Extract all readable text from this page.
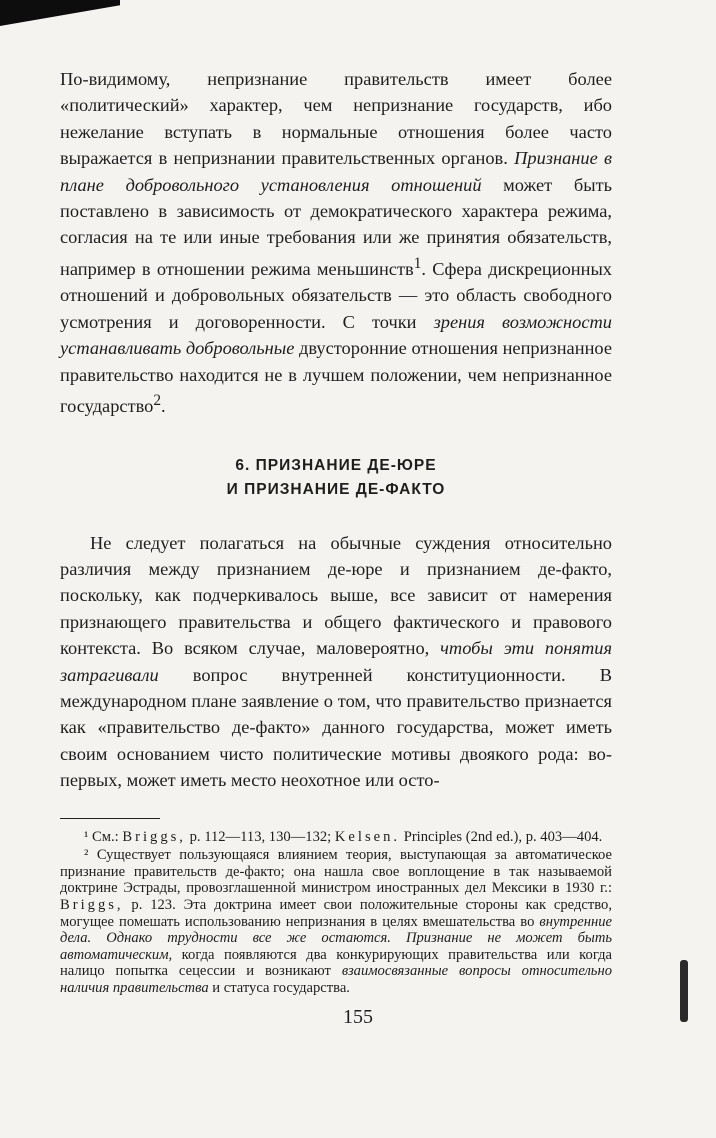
По-видимому, непризнание правительств имеет более «политический» характер, чем непризнание государств, ибо нежелание вступать в нормальные отношения более часто выражается в непризнании правительственных органов. Признание в плане добровольного установления отношений может быть поставлено в зависимость от демократического характера режима, согласия на те или иные требования или же принятия обязательств, например в отношении режима меньшинств$^1$. Сфера дискреционных отношений и добровольных обязательств — это область свободного усмотрения и договоренности. С точки зрения возможности устанавливать добровольные двусторонние отношения непризнанное правительство находится не в лучшем положении, чем непризнанное государство$^2$.

6. ПРИЗНАНИЕ ДЕ-ЮРЕ
И ПРИЗНАНИЕ ДЕ-ФАКТО

Не следует полагаться на обычные суждения относительно различия между признанием де-юре и признанием де-факто, поскольку, как подчеркивалось выше, все зависит от намерения признающего правительства и общего фактического и правового контекста. Во всяком случае, маловероятно, чтобы эти понятия затрагивали вопрос внутренней конституционности. В международном плане заявление о том, что правительство признается как «правительство де-факто» данного государства, может иметь своим основанием чисто политические мотивы двоякого рода: во-первых, может иметь место неохотное или осто-

¹ См.: Briggs, p. 112—113, 130—132; Kelsen. Principles (2nd ed.), p. 403—404.

² Существует пользующаяся влиянием теория, выступающая за автоматическое признание правительств де-факто; она нашла свое воплощение в так называемой доктрине Эстрады, провозглашенной министром иностранных дел Мексики в 1930 г.: Briggs, p. 123. Эта доктрина имеет свои положительные стороны как средство, могущее помешать использованию непризнания в целях вмешательства во внутренние дела. Однако трудности все же остаются. Признание не может быть автоматическим, когда появляются два конкурирующих правительства или когда налицо попытка сецессии и возникают взаимосвязанные вопросы относительно наличия правительства и статуса государства.

155
